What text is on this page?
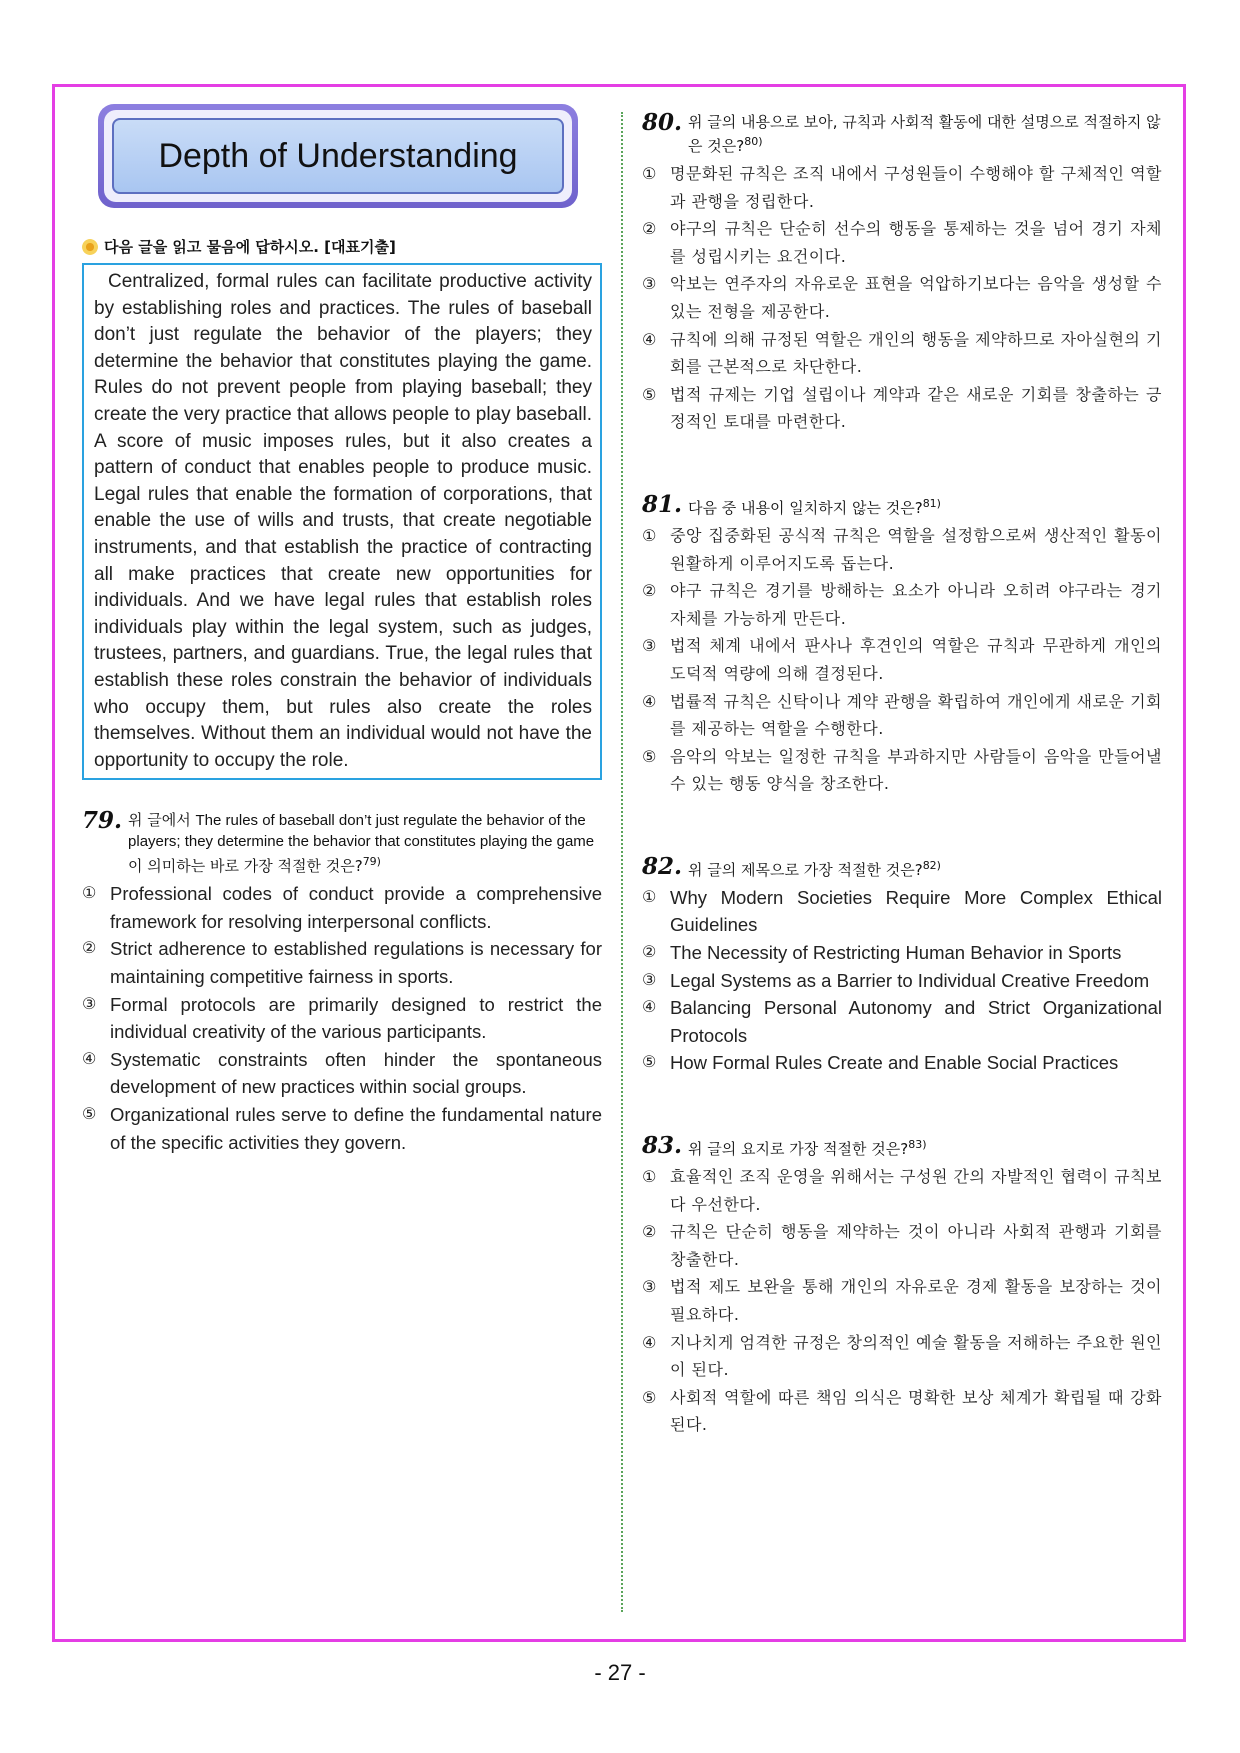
Depth of Understanding
다음 글을 읽고 물음에 답하시오. [대표기출]

Centralized, formal rules can facilitate productive activity by establishing roles and practices. The rules of baseball don’t just regulate the behavior of the players; they determine the behavior that constitutes playing the game. Rules do not prevent people from playing baseball; they create the very practice that allows people to play baseball. A score of music imposes rules, but it also creates a pattern of conduct that enables people to produce music. Legal rules that enable the formation of corporations, that enable the use of wills and trusts, that create negotiable instruments, and that establish the practice of contracting all make practices that create new opportunities for individuals. And we have legal rules that establish roles individuals play within the legal system, such as judges, trustees, partners, and guardians. True, the legal rules that establish these roles constrain the behavior of individuals who occupy them, but rules also create the roles themselves. Without them an individual would not have the opportunity to occupy the role.

79. 위 글에서 The rules of baseball don’t just regulate the behavior of the players; they determine the behavior that constitutes playing the game 이 의미하는 바로 가장 적절한 것은?$^{79)}$
① Professional codes of conduct provide a comprehensive framework for resolving interpersonal conflicts.
② Strict adherence to established regulations is necessary for maintaining competitive fairness in sports.
③ Formal protocols are primarily designed to restrict the individual creativity of the various participants.
④ Systematic constraints often hinder the spontaneous development of new practices within social groups.
⑤ Organizational rules serve to define the fundamental nature of the specific activities they govern.
80. 위 글의 내용으로 보아, 규칙과 사회적 활동에 대한 설명으로 적절하지 않은 것은?$^{80)}$
① 명문화된 규칙은 조직 내에서 구성원들이 수행해야 할 구체적인 역할과 관행을 정립한다.
② 야구의 규칙은 단순히 선수의 행동을 통제하는 것을 넘어 경기 자체를 성립시키는 요건이다.
③ 악보는 연주자의 자유로운 표현을 억압하기보다는 음악을 생성할 수 있는 전형을 제공한다.
④ 규칙에 의해 규정된 역할은 개인의 행동을 제약하므로 자아실현의 기회를 근본적으로 차단한다.
⑤ 법적 규제는 기업 설립이나 계약과 같은 새로운 기회를 창출하는 긍정적인 토대를 마련한다.
81. 다음 중 내용이 일치하지 않는 것은?$^{81)}$
① 중앙 집중화된 공식적 규칙은 역할을 설정함으로써 생산적인 활동이 원활하게 이루어지도록 돕는다.
② 야구 규칙은 경기를 방해하는 요소가 아니라 오히려 야구라는 경기 자체를 가능하게 만든다.
③ 법적 체계 내에서 판사나 후견인의 역할은 규칙과 무관하게 개인의 도덕적 역량에 의해 결정된다.
④ 법률적 규칙은 신탁이나 계약 관행을 확립하여 개인에게 새로운 기회를 제공하는 역할을 수행한다.
⑤ 음악의 악보는 일정한 규칙을 부과하지만 사람들이 음악을 만들어낼 수 있는 행동 양식을 창조한다.
82. 위 글의 제목으로 가장 적절한 것은?$^{82)}$
① Why Modern Societies Require More Complex Ethical Guidelines
② The Necessity of Restricting Human Behavior in Sports
③ Legal Systems as a Barrier to Individual Creative Freedom
④ Balancing Personal Autonomy and Strict Organizational Protocols
⑤ How Formal Rules Create and Enable Social Practices
83. 위 글의 요지로 가장 적절한 것은?$^{83)}$
① 효율적인 조직 운영을 위해서는 구성원 간의 자발적인 협력이 규칙보다 우선한다.
② 규칙은 단순히 행동을 제약하는 것이 아니라 사회적 관행과 기회를 창출한다.
③ 법적 제도 보완을 통해 개인의 자유로운 경제 활동을 보장하는 것이 필요하다.
④ 지나치게 엄격한 규정은 창의적인 예술 활동을 저해하는 주요한 원인이 된다.
⑤ 사회적 역할에 따른 책임 의식은 명확한 보상 체계가 확립될 때 강화된다.
- 27 -
